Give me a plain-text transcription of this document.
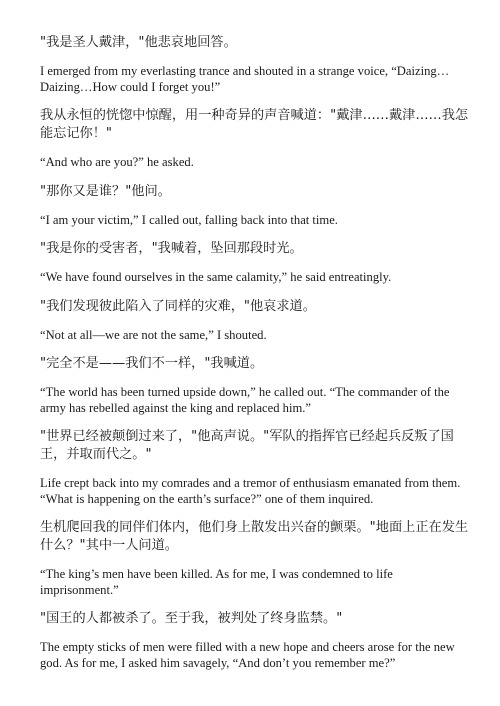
"我是圣人戴津，"他悲哀地回答。

I emerged from my everlasting trance and shouted in a strange voice, “Daizing… Daizing…How could I forget you!”

我从永恒的恍惚中惊醒，用一种奇异的声音喊道："戴津……戴津……我怎能忘记你！"

“And who are you?” he asked.

"那你又是谁？"他问。

“I am your victim,” I called out, falling back into that time.

"我是你的受害者，"我喊着，坠回那段时光。

“We have found ourselves in the same calamity,” he said entreatingly.

"我们发现彼此陷入了同样的灾难，"他哀求道。

“Not at all—we are not the same,” I shouted.

"完全不是——我们不一样，"我喊道。

“The world has been turned upside down,” he called out. “The commander of the army has rebelled against the king and replaced him.”

"世界已经被颠倒过来了，"他高声说。"军队的指挥官已经起兵反叛了国王，并取而代之。"

Life crept back into my comrades and a tremor of enthusiasm emanated from them. “What is happening on the earth’s surface?” one of them inquired.

生机爬回我的同伴们体内，他们身上散发出兴奋的颤栗。"地面上正在发生什么？"其中一人问道。

“The king’s men have been killed. As for me, I was condemned to life imprisonment.”

"国王的人都被杀了。至于我，被判处了终身监禁。"

The empty sticks of men were filled with a new hope and cheers arose for the new god. As for me, I asked him savagely, “And don’t you remember me?”
